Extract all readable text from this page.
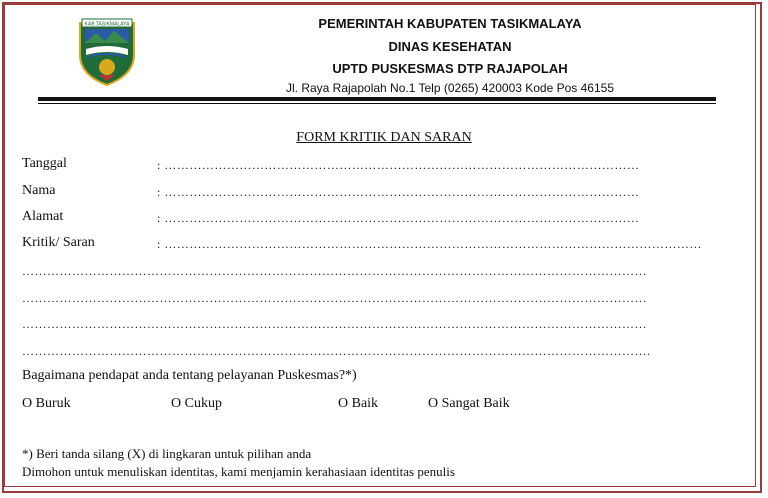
KAB TASIKMALAYA	PEMERINTAH KABUPATEN TASIKMALAYA
DINAS KESEHATAN
UPTD PUSKESMAS DTP RAJAPOLAH
Jl. Raya Rajapolah No.1 Telp (0265) 420003 Kode Pos 46155
FORM KRITIK DAN SARAN
Tanggal	: ……………………………………………………………………………………………………
Nama	: ……………………………………………………………………………………………………
Alamat	: ……………………………………………………………………………………………………
Kritik/ Saran	: …………………………………………………………………………………………………………………
……………………………………………………………………………………………………………………………………
……………………………………………………………………………………………………………………………………
……………………………………………………………………………………………………………………………………
…………………………………………………………………………………………………………………………………….
Bagaimana pendapat anda tentang pelayanan Puskesmas?*)
O Buruk	O Cukup	O Baik	O Sangat Baik
*) Beri tanda silang (X) di lingkaran untuk pilihan anda
Dimohon untuk menuliskan identitas, kami menjamin kerahasiaan identitas penulis
